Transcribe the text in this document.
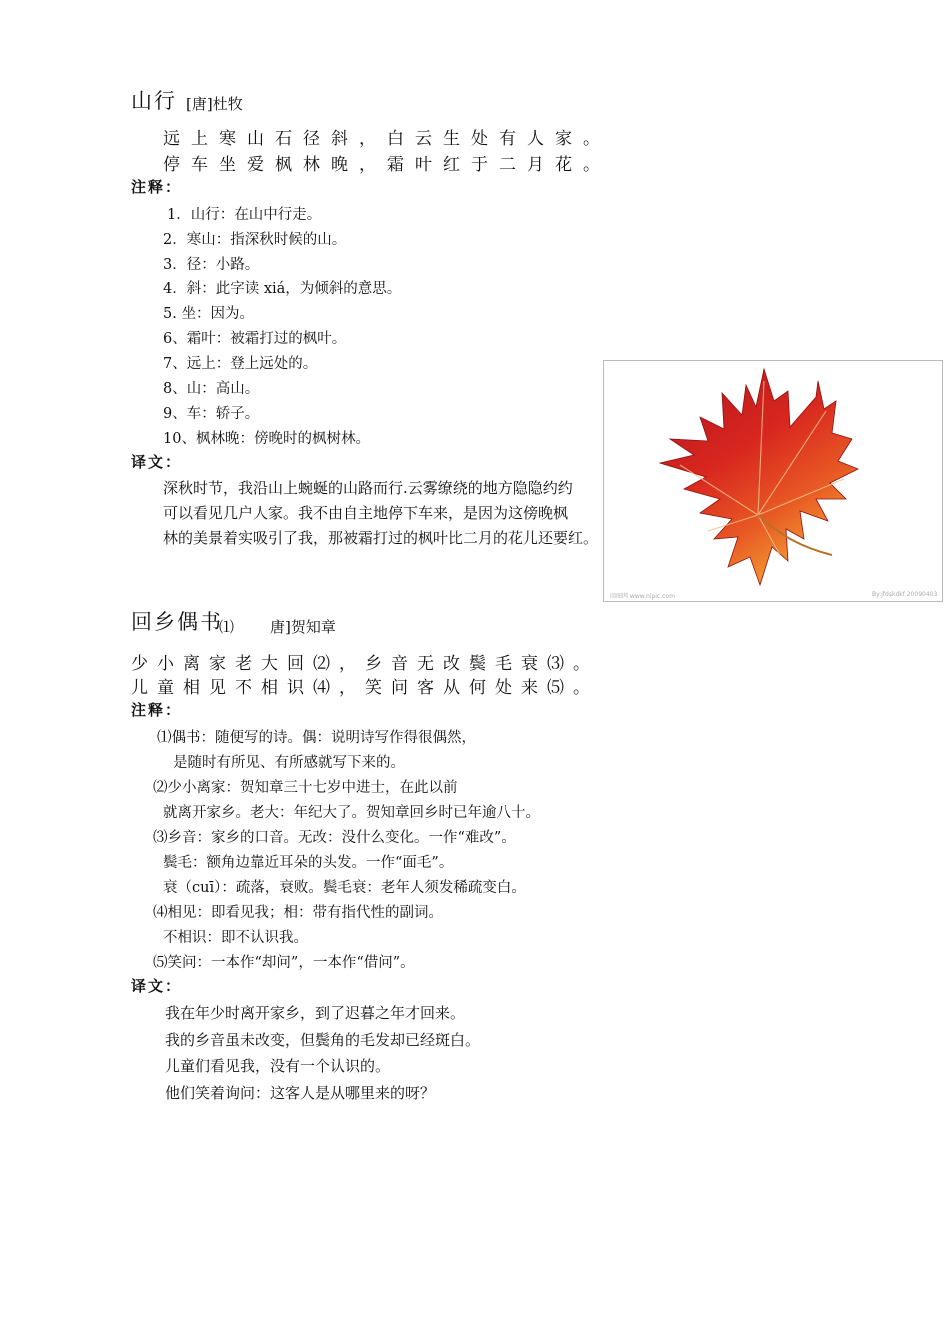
山行 [唐]杜牧
远上寒山石径斜，白云生处有人家。
停车坐爱枫林晚，霜叶红于二月花。
注释：
1．山行：在山中行走。
2．寒山：指深秋时候的山。
3．径：小路。
4．斜：此字读 xiá，为倾斜的意思。
5. 坐：因为。
6、霜叶：被霜打过的枫叶。
7、远上：登上远处的。
8、山：高山。
9、车：轿子。
10、枫林晚：傍晚时的枫树林。
译文：
回图网 www.nipic.com	By:jfdskdkf 20090403
深秋时节，我沿山上蜿蜒的山路而行.云雾缭绕的地方隐隐约约
可以看见几户人家。我不由自主地停下车来，是因为这傍晚枫
林的美景着实吸引了我，那被霜打过的枫叶比二月的花儿还要红。
回乡偶书
⑴ 唐]贺知章
少小离家老大回⑵，乡音无改鬓毛衰⑶。
儿童相见不相识⑷，笑问客从何处来⑸。
注释：
⑴偶书：随便写的诗。偶：说明诗写作得很偶然，
是随时有所见、有所感就写下来的。
⑵少小离家：贺知章三十七岁中进士，在此以前
就离开家乡。老大：年纪大了。贺知章回乡时已年逾八十。
⑶乡音：家乡的口音。无改：没什么变化。一作“难改”。
鬓毛：额角边靠近耳朵的头发。一作“面毛”。
衰（cuī）：疏落，衰败。鬓毛衰：老年人须发稀疏变白。
⑷相见：即看见我；相：带有指代性的副词。
不相识：即不认识我。
⑸笑问：一本作“却问”，一本作“借问”。
译文：
我在年少时离开家乡，到了迟暮之年才回来。
我的乡音虽未改变，但鬓角的毛发却已经斑白。
儿童们看见我，没有一个认识的。
他们笑着询问：这客人是从哪里来的呀？
